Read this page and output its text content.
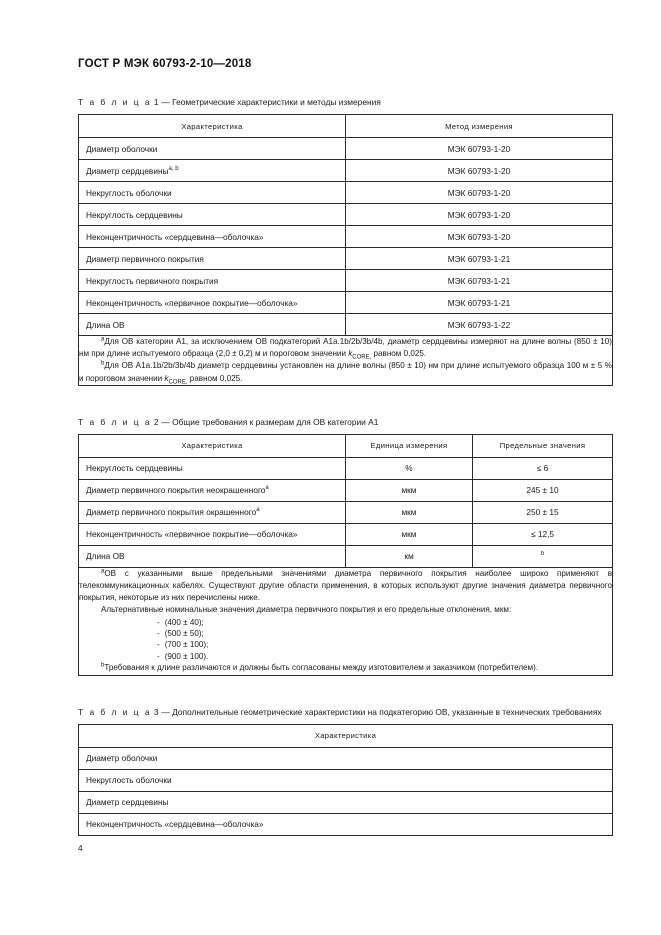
ГОСТ Р МЭК 60793-2-10—2018
Т а б л и ц а 1 — Геометрические характеристики и методы измерения
Характеристика	Метод измерения
Диаметр оболочки	МЭК 60793-1-20
Диаметр сердцевины$^{a, b}$	МЭК 60793-1-20
Некруглость оболочки	МЭК 60793-1-20
Некруглость сердцевины	МЭК 60793-1-20
Неконцентричность «сердцевина—оболочка»	МЭК 60793-1-20
Диаметр первичного покрытия	МЭК 60793-1-21
Некруглость первичного покрытия	МЭК 60793-1-21
Неконцентричность «первичное покрытие—оболочка»	МЭК 60793-1-21
Длина ОВ	МЭК 60793-1-22

$^a$Для ОВ категории А1, за исключением ОВ подкатегорий А1а.1b/2b/3b/4b, диаметр сердцевины измеряют на длине волны (850 ± 10) нм при длине испытуемого образца (2,0 ± 0,2) м и пороговом значении $k_{CORE,}$ равном 0,025.

$^b$Для ОВ А1а.1b/2b/3b/4b диаметр сердцевины установлен на длине волны (850 ± 10) нм при длине испытуемого образца 100 м ± 5 % и пороговом значении $k_{CORE,}$ равном 0,025.	

Т а б л и ц а 2 — Общие требования к размерам для ОВ категории А1
Характеристика	Единица измерения	Предельные значения
Некруглость сердцевины	%	≤ 6
Диаметр первичного покрытия неокрашенного$^a$	мкм	245 ± 10
Диаметр первичного покрытия окрашенного$^a$	мкм	250 ± 15
Неконцентричность «первичное покрытие—оболочка»	мкм	≤ 12,5
Длина ОВ	км	$^b$

$^a$ОВ с указанными выше предельными значениями диаметра первичного покрытия наиболее широко применяют в телекоммуникационных кабелях. Существуют другие области применения, в которых используют другие значения диаметра первичного покрытия, некоторые из них перечислены ниже.

Альтернативные номинальные значения диаметра первичного покрытия и его предельные отклонения, мкм:

- (400 ± 40);
- (500 ± 50);
- (700 ± 100);
- (900 ± 100).

$^b$Требования к длине различаются и должны быть согласованы между изготовителем и заказчиком (потребителем).

Т а б л и ц а 3 — Дополнительные геометрические характеристики на подкатегорию ОВ, указанные в технических требованиях
Характеристика
Диаметр оболочки
Некруглость оболочки
Диаметр сердцевины
Неконцентричность «сердцевина—оболочка»
4
